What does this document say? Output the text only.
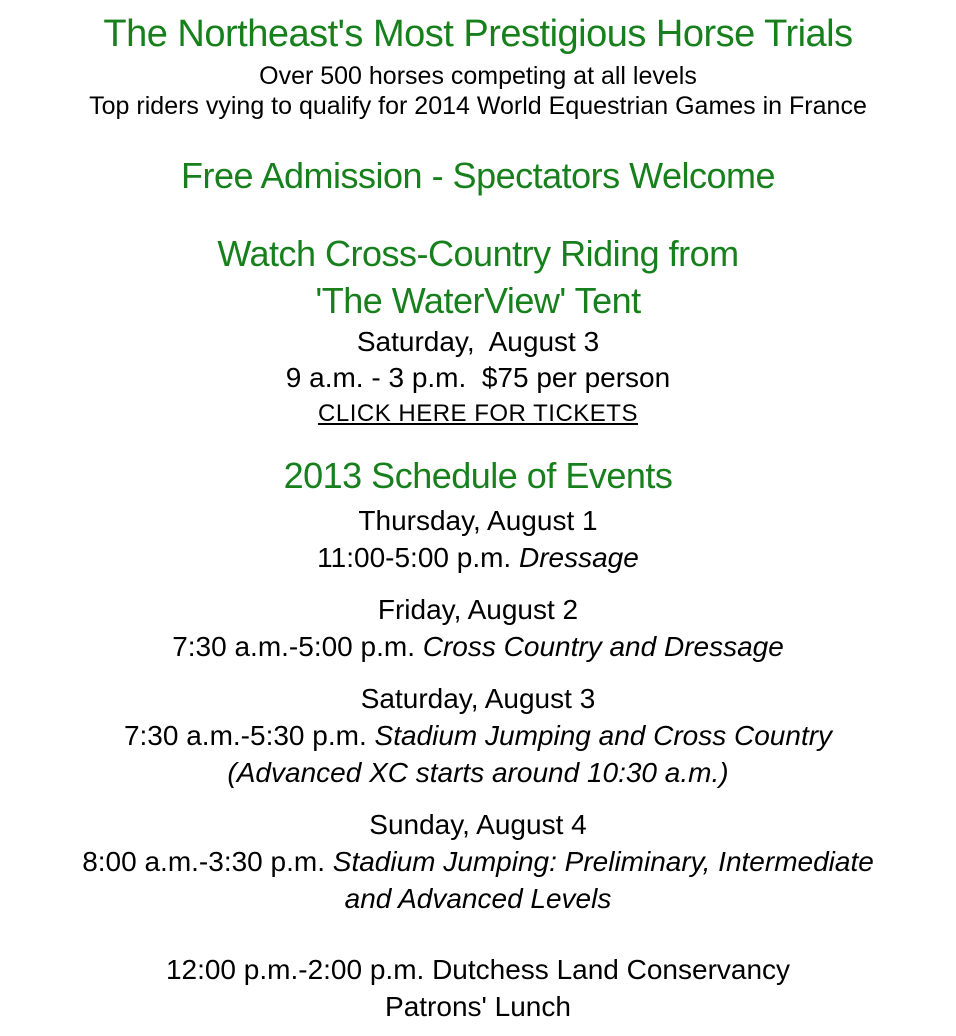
The Northeast's Most Prestigious Horse Trials

Over 500 horses competing at all levels
Top riders vying to qualify for 2014 World Equestrian Games in France

Free Admission - Spectators Welcome
Watch Cross-Country Riding from
'The WaterView' Tent

Saturday,  August 3
9 a.m. - 3 p.m.  $75 per person
CLICK HERE FOR TICKETS

2013 Schedule of Events

Thursday, August 1
11:00-5:00 p.m. Dressage

Friday, August 2
7:30 a.m.-5:00 p.m. Cross Country and Dressage

Saturday, August 3
7:30 a.m.-5:30 p.m. Stadium Jumping and Cross Country
(Advanced XC starts around 10:30 a.m.)

Sunday, August 4
8:00 a.m.-3:30 p.m. Stadium Jumping: Preliminary, Intermediate
and Advanced Levels

12:00 p.m.-2:00 p.m. Dutchess Land Conservancy
Patrons' Lunch
